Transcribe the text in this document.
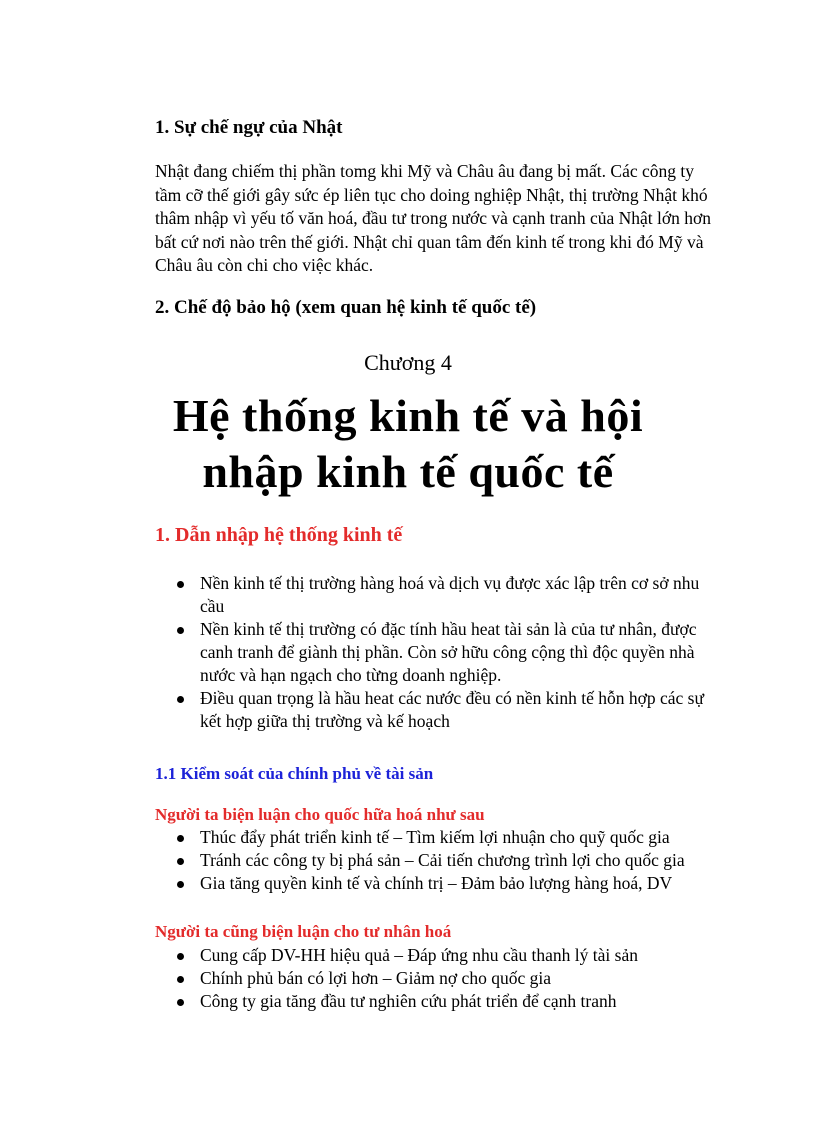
1. Sự chế ngự của Nhật

Nhật đang chiếm thị phần tomg khi Mỹ và Châu âu đang bị mất. Các công ty tầm cỡ thế giới gây sức ép liên tục cho doing nghiệp Nhật, thị trường Nhật khó thâm nhập vì yếu tố văn hoá, đầu tư trong nước và cạnh tranh của Nhật lớn hơn bất cứ nơi nào trên thế giới. Nhật chỉ quan tâm đến kinh tế trong khi đó Mỹ và Châu âu còn chi cho việc khác.

2. Chế độ bảo hộ (xem quan hệ kinh tế quốc tế)

Chương 4

Hệ thống kinh tế và hội
nhập kinh tế quốc tế

1. Dẫn nhập hệ thống kinh tế

Nền kinh tế thị trường hàng hoá và dịch vụ được xác lập trên cơ sở nhu cầu
Nền kinh tế thị trường có đặc tính hầu heat tài sản là của tư nhân, được canh tranh để giành thị phần. Còn sở hữu công cộng thì độc quyền nhà nước và hạn ngạch cho từng doanh nghiệp.
Điều quan trọng là hầu heat các nước đều có nền kinh tế hỗn hợp các sự kết hợp giữa thị trường và kế hoạch

1.1 Kiểm soát của chính phủ về tài sản

Người ta biện luận cho quốc hữa hoá như sau

Thúc đẩy phát triển kinh tế – Tìm kiếm lợi nhuận cho quỹ quốc gia
Tránh các công ty bị phá sản – Cải tiến chương trình lợi cho quốc gia
Gia tăng quyền kinh tế và chính trị – Đảm bảo lượng hàng hoá, DV

Người ta cũng biện luận cho tư nhân hoá

Cung cấp DV-HH hiệu quả – Đáp ứng nhu cầu thanh lý tài sản
Chính phủ bán có lợi hơn – Giảm nợ cho quốc gia
Công ty gia tăng đầu tư nghiên cứu phát triển để cạnh tranh
